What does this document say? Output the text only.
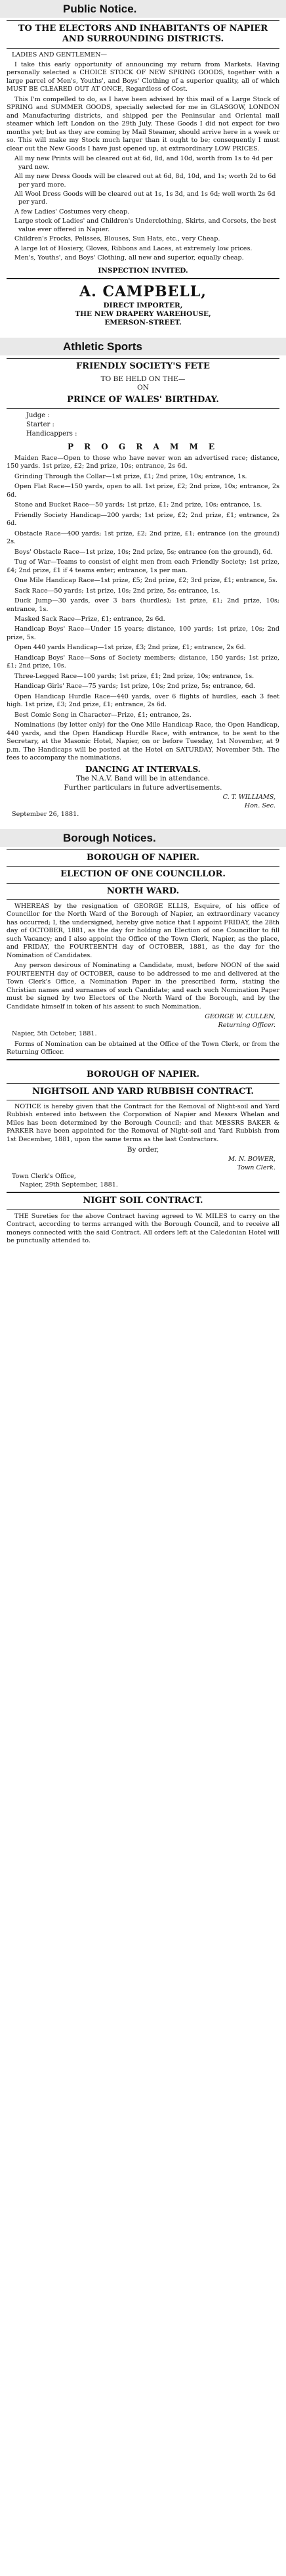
Public Notice.
TO THE ELECTORS AND INHABITANTS OF NAPIER AND SURROUNDING DISTRICTS.
LADIES AND GENTLEMEN—
I take this early opportunity of announcing my return from Markets. Having personally selected a CHOICE STOCK OF NEW SPRING GOODS, together with a large parcel of Men's, Youths', and Boys' Clothing of a superior quality, all of which MUST BE CLEARED OUT AT ONCE, Regardless of Cost.
This I'm compelled to do, as I have been advised by this mail of a Large Stock of SPRING and SUMMER GOODS, specially selected for me in GLASGOW, LONDON and Manufacturing districts, and shipped per the Peninsular and Oriental mail steamer which left London on the 29th July. These Goods I did not expect for two months yet; but as they are coming by Mail Steamer, should arrive here in a week or so. This will make my Stock much larger than it ought to be; consequently I must clear out the New Goods I have just opened up, at extraordinary LOW PRICES.
All my new Prints will be cleared out at 6d, 8d, and 10d, worth from 1s to 4d per yard new.
All my new Dress Goods will be cleared out at 6d, 8d, 10d, and 1s; worth 2d to 6d per yard more.
All Wool Dress Goods will be cleared out at 1s, 1s 3d, and 1s 6d; well worth 2s 6d per yard.
A few Ladies' Costumes very cheap.
Large stock of Ladies' and Children's Underclothing, Skirts, and Corsets, the best value ever offered in Napier.
Children's Frocks, Pelisses, Blouses, Sun Hats, etc., very Cheap.
A large lot of Hosiery, Gloves, Ribbons and Laces, at extremely low prices.
Men's, Youths', and Boys' Clothing, all new and superior, equally cheap.
INSPECTION INVITED.
A. CAMPBELL,
DIRECT IMPORTER,
THE NEW DRAPERY WAREHOUSE,
EMERSON-STREET.
Athletic Sports
FRIENDLY SOCIETY'S FETE
TO BE HELD ON THE—
ON
PRINCE OF WALES' BIRTHDAY.
Judge :
Starter :
Handicappers :
P R O G R A M M E
Maiden Race—Open to those who have never won an advertised race; distance, 150 yards. 1st prize, £2; 2nd prize, 10s; entrance, 2s 6d.
Grinding Through the Collar—1st prize, £1; 2nd prize, 10s; entrance, 1s.
Open Flat Race—150 yards, open to all. 1st prize, £2; 2nd prize, 10s; entrance, 2s 6d.
Stone and Bucket Race—50 yards; 1st prize, £1; 2nd prize, 10s; entrance, 1s.
Friendly Society Handicap—200 yards; 1st prize, £2; 2nd prize, £1; entrance, 2s 6d.
Obstacle Race—400 yards; 1st prize, £2; 2nd prize, £1; entrance (on the ground) 2s.
Boys' Obstacle Race—1st prize, 10s; 2nd prize, 5s; entrance (on the ground), 6d.
Tug of War—Teams to consist of eight men from each Friendly Society; 1st prize, £4; 2nd prize, £1 if 4 teams enter; entrance, 1s per man.
One Mile Handicap Race—1st prize, £5; 2nd prize, £2; 3rd prize, £1; entrance, 5s.
Sack Race—50 yards; 1st prize, 10s; 2nd prize, 5s; entrance, 1s.
Duck Jump—30 yards, over 3 bars (hurdles); 1st prize, £1; 2nd prize, 10s; entrance, 1s.
Masked Sack Race—Prize, £1; entrance, 2s 6d.
Handicap Boys' Race—Under 15 years; distance, 100 yards; 1st prize, 10s; 2nd prize, 5s.
Open 440 yards Handicap—1st prize, £3; 2nd prize, £1; entrance, 2s 6d.
Handicap Boys' Race—Sons of Society members; distance, 150 yards; 1st prize, £1; 2nd prize, 10s.
Three-Legged Race—100 yards; 1st prize, £1; 2nd prize, 10s; entrance, 1s.
Handicap Girls' Race—75 yards; 1st prize, 10s; 2nd prize, 5s; entrance, 6d.
Open Handicap Hurdle Race—440 yards, over 6 flights of hurdles, each 3 feet high. 1st prize, £3; 2nd prize, £1; entrance, 2s 6d.
Best Comic Song in Character—Prize, £1; entrance, 2s.
Nominations (by letter only) for the One Mile Handicap Race, the Open Handicap, 440 yards, and the Open Handicap Hurdle Race, with entrance, to be sent to the Secretary, at the Masonic Hotel, Napier, on or before Tuesday, 1st November, at 9 p.m. The Handicaps will be posted at the Hotel on SATURDAY, November 5th. The fees to accompany the nominations.
DANCING AT INTERVALS.
The N.A.V. Band will be in attendance.
Further particulars in future advertisements.
C. T. WILLIAMS,
Hon. Sec.
September 26, 1881.
Borough Notices.
BOROUGH OF NAPIER.
ELECTION OF ONE COUNCILLOR.
NORTH WARD.
WHEREAS by the resignation of GEORGE ELLIS, Esquire, of his office of Councillor for the North Ward of the Borough of Napier, an extraordinary vacancy has occurred; I, the undersigned, hereby give notice that I appoint FRIDAY, the 28th day of OCTOBER, 1881, as the day for holding an Election of one Councillor to fill such Vacancy; and I also appoint the Office of the Town Clerk, Napier, as the place, and FRIDAY, the FOURTEENTH day of OCTOBER, 1881, as the day for the Nomination of Candidates.
Any person desirous of Nominating a Candidate, must, before NOON of the said FOURTEENTH day of OCTOBER, cause to be addressed to me and delivered at the Town Clerk's Office, a Nomination Paper in the prescribed form, stating the Christian names and surnames of such Candidate; and each such Nomination Paper must be signed by two Electors of the North Ward of the Borough, and by the Candidate himself in token of his assent to such Nomination.
GEORGE W. CULLEN,
Returning Officer.
Napier, 5th October, 1881.
Forms of Nomination can be obtained at the Office of the Town Clerk, or from the Returning Officer.
BOROUGH OF NAPIER.
NIGHTSOIL AND YARD RUBBISH CONTRACT.
NOTICE is hereby given that the Contract for the Removal of Night-soil and Yard Rubbish entered into between the Corporation of Napier and Messrs Whelan and Miles has been determined by the Borough Council; and that MESSRS BAKER & PARKER have been appointed for the Removal of Night-soil and Yard Rubbish from 1st December, 1881, upon the same terms as the last Contractors.
By order,
M. N. BOWER,
Town Clerk.
Town Clerk's Office,
Napier, 29th September, 1881.
NIGHT SOIL CONTRACT.
THE Sureties for the above Contract having agreed to W. MILES to carry on the Contract, according to terms arranged with the Borough Council, and to receive all moneys connected with the said Contract. All orders left at the Caledonian Hotel will be punctually attended to.
